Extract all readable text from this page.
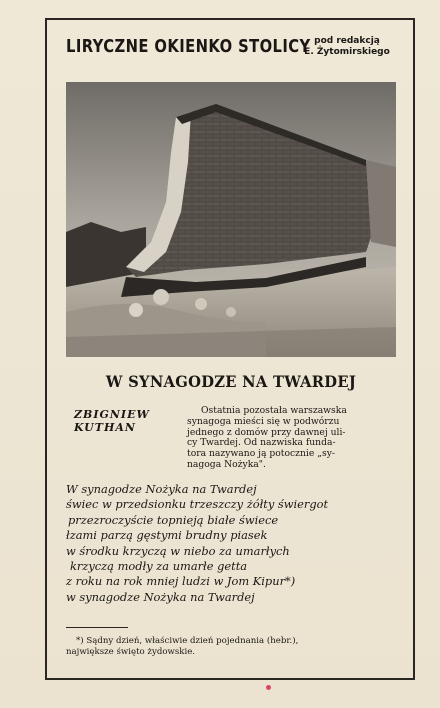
LIRYCZNE OKIENKO STOLICY pod redakcją
E. Żytomirskiego
W SYNAGODZE NA TWARDEJ
ZBIGNIEW
KUTHAN
Ostatnia pozostała warszawska
synagoga mieści się w podwórzu
jednego z domów przy dawnej uli-
cy Twardej. Od nazwiska funda-
tora nazywano ją potocznie „sy-
nagoga Nożyka".
W synagodze Nożyka na Twardej
świec w przedsionku trzeszczy żółty świergot
przezroczyście topnieją białe świece
łzami parzą gęstymi brudny piasek
w środku krzyczą w niebo za umarłych
krzyczą modły za umarłe getta
z roku na rok mniej ludzi w Jom Kipur*)
w synagodze Nożyka na Twardej
*) Sądny dzień, właściwie dzień pojednania (hebr.),
największe święto żydowskie.
